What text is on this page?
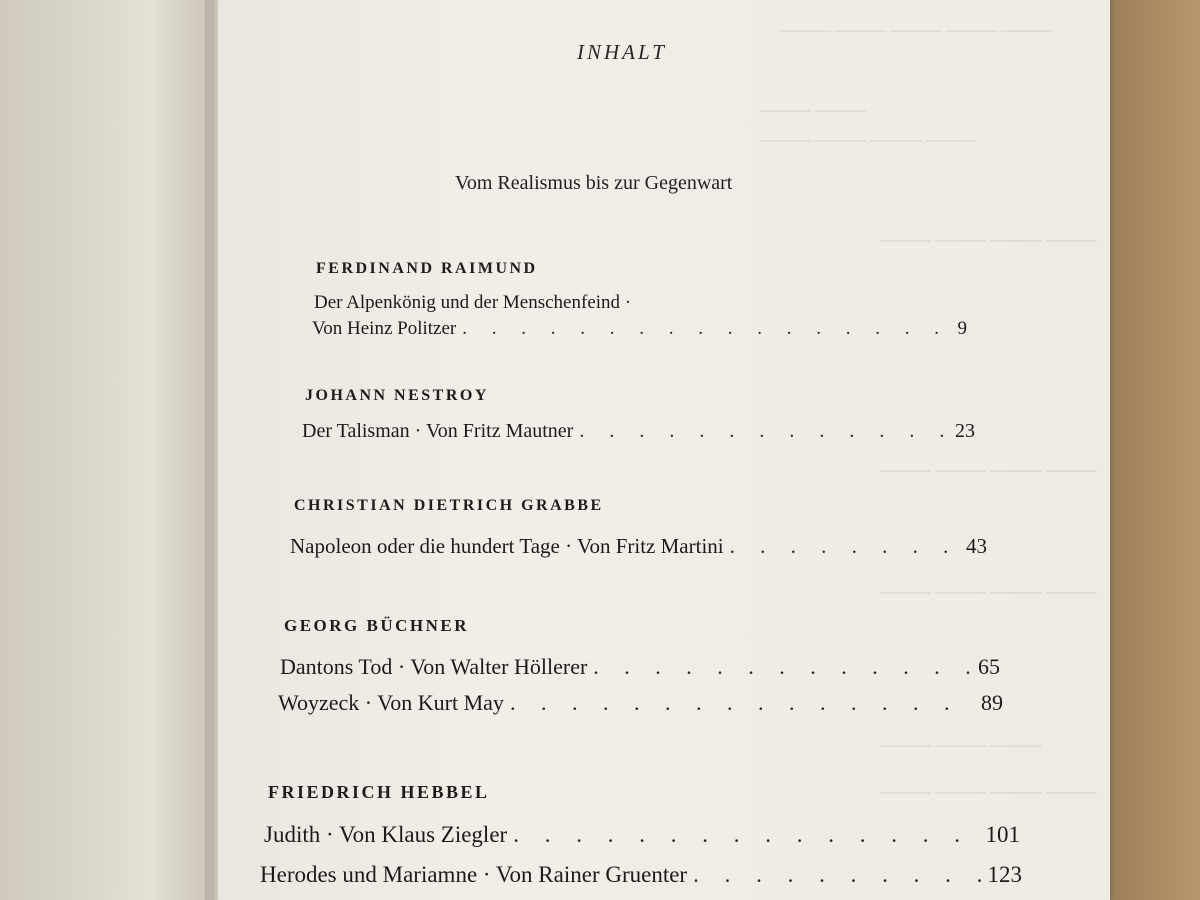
——— ——— ——— ——— ———
——— ———
——— ——— ——— ———
——— ——— ——— ———
——— ——— ——— ———
——— ——— ——— ———
——— ——— ———
——— ——— ——— ———
INHALT
Vom Realismus bis zur Gegenwart
FERDINAND RAIMUND
Der Alpenkönig und der Menschenfeind ·
Von Heinz Politzer . . .	9
JOHANN NESTROY
Der Talisman · Von Fritz Mautner . . .	23
CHRISTIAN DIETRICH GRABBE
Napoleon oder die hundert Tage · Von Fritz Martini . . .	43
GEORG BÜCHNER
Dantons Tod · Von Walter Höllerer . . .	65
Woyzeck · Von Kurt May . . .	89
FRIEDRICH HEBBEL
Judith · Von Klaus Ziegler . . .	101
Herodes und Mariamne · Von Rainer Gruenter . . .	123
